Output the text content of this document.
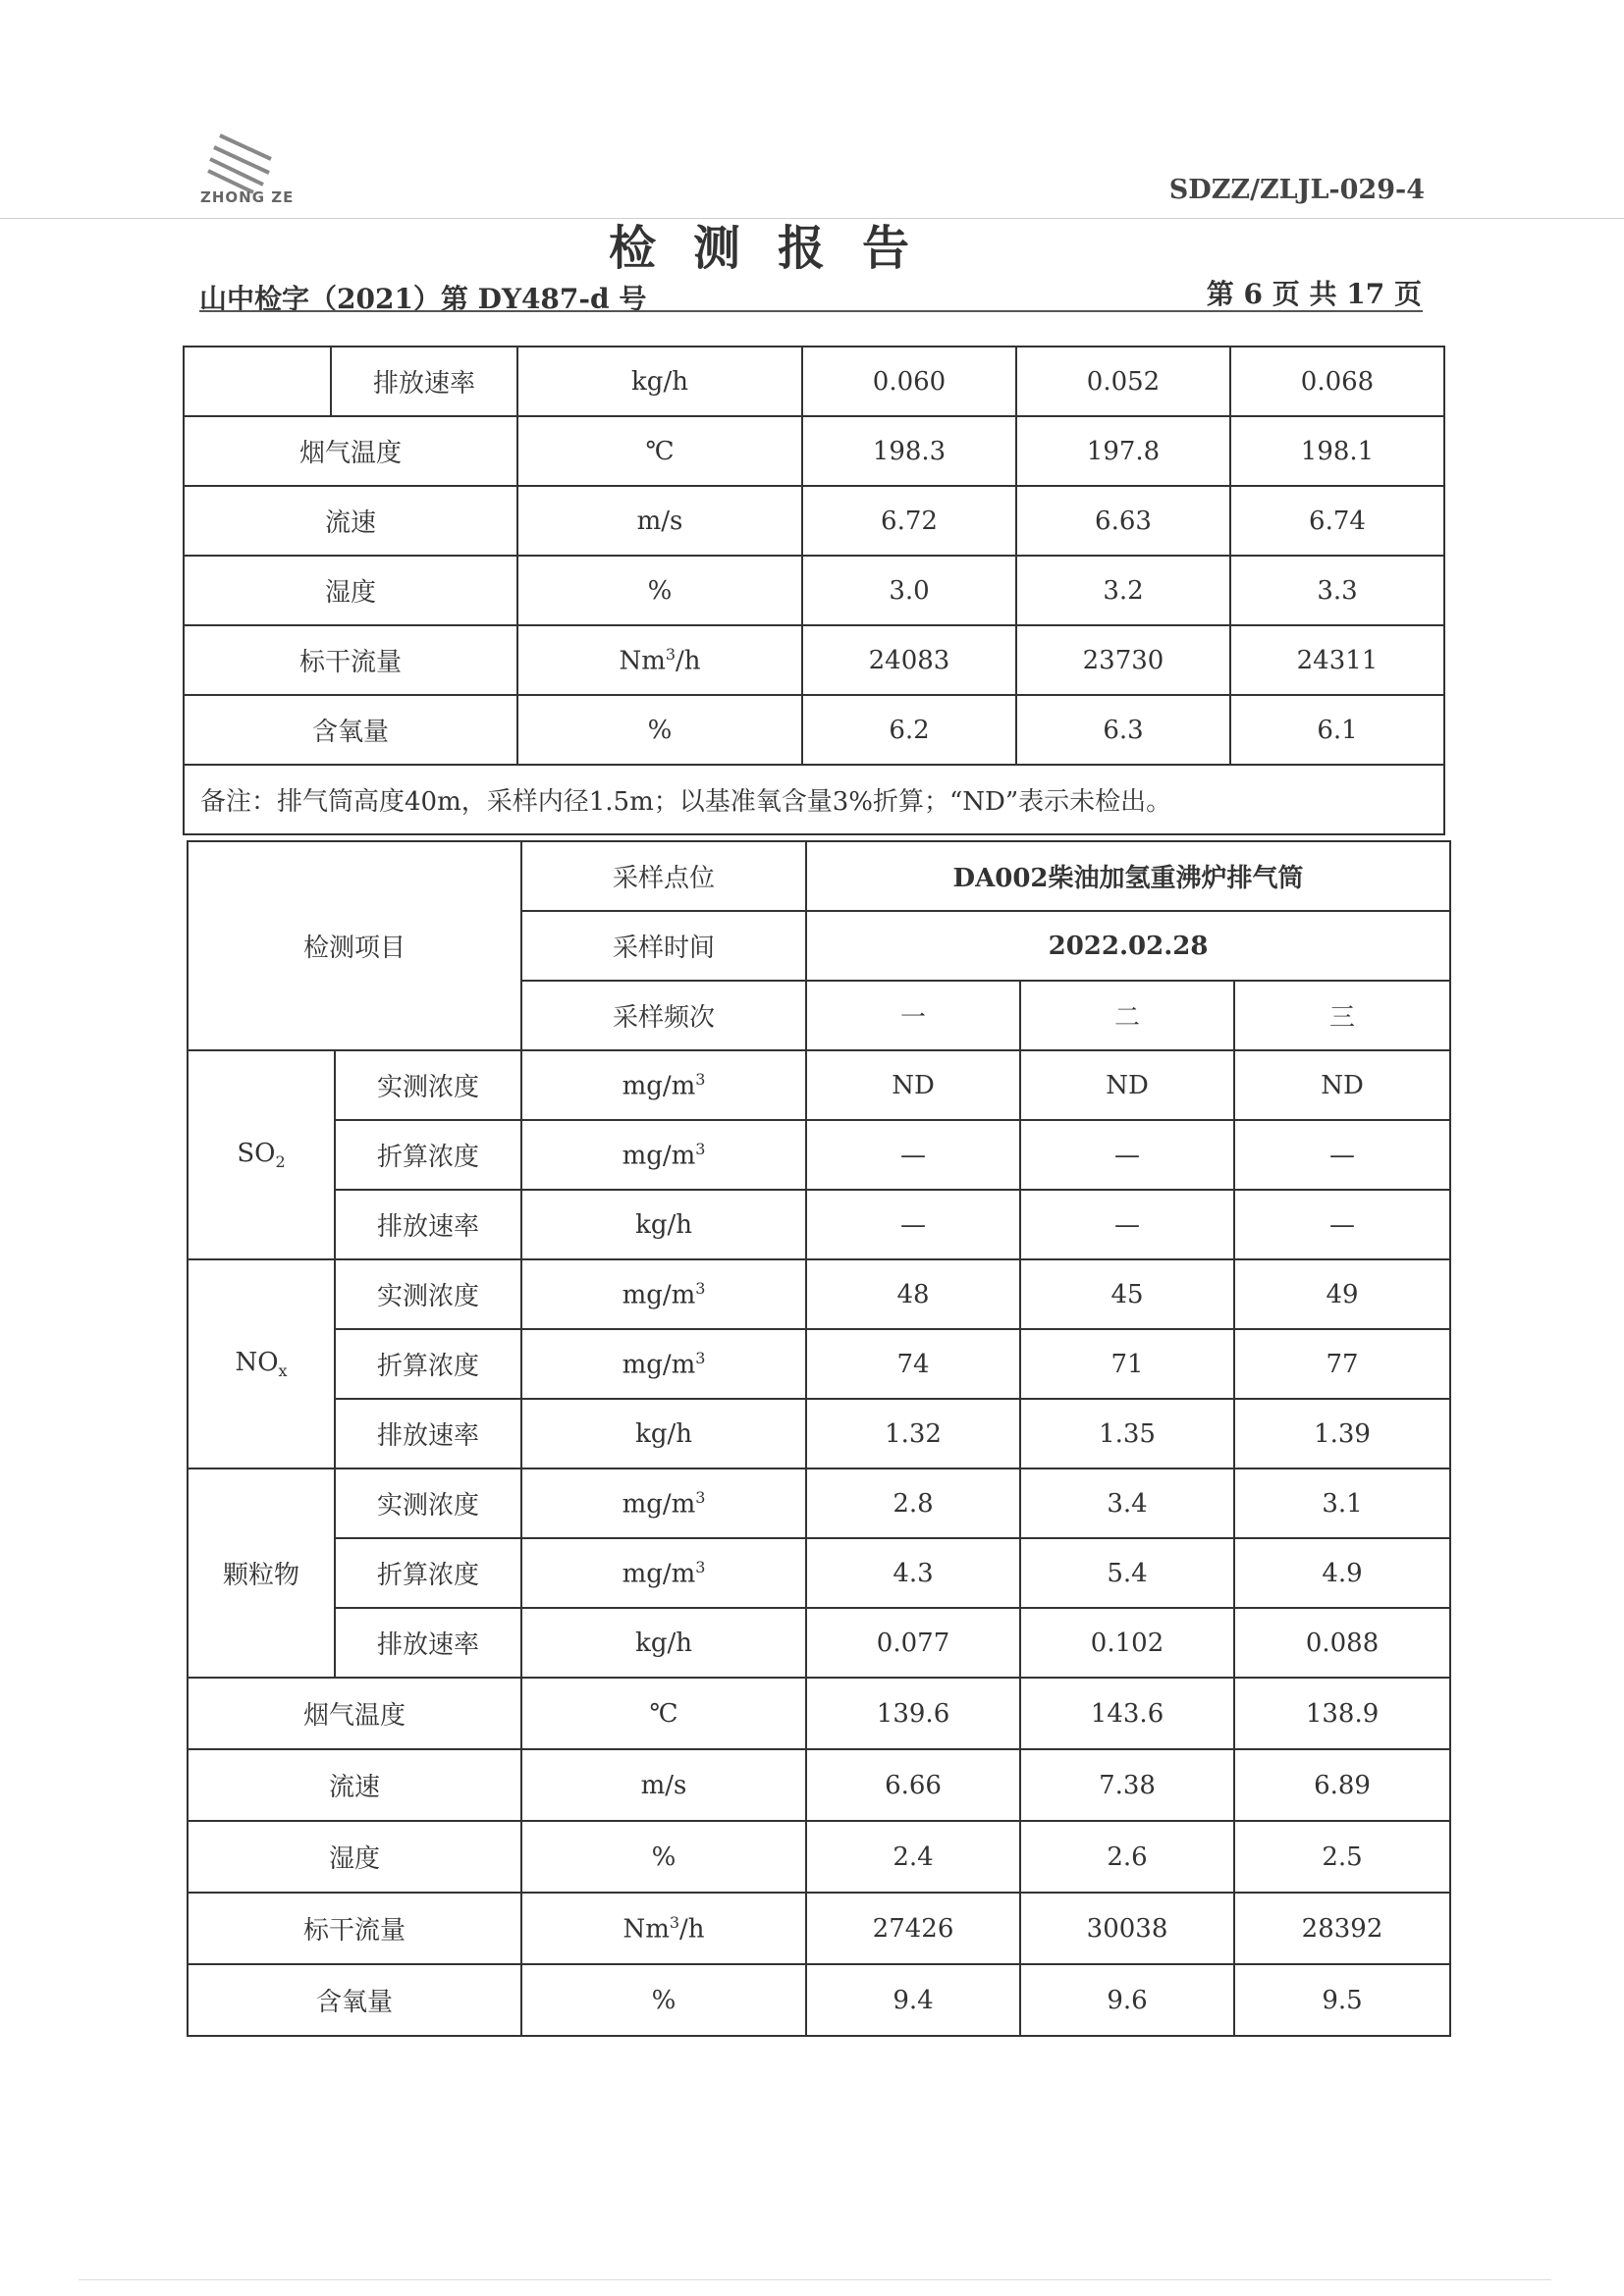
ZHONG ZE	SDZZ/ZLJL-029-4
检测报告
山中检字（2021）第 DY487-d 号	第 6 页 共 17 页
	排放速率	kg/h	0.060	0.052	0.068
烟气温度		℃	198.3	197.8	198.1
流速		m/s	6.72	6.63	6.74
湿度		%	3.0	3.2	3.3
标干流量		Nm$^3$/h	24083	23730	24311
含氧量		%	6.2	6.3	6.1
备注：排气筒高度40m，采样内径1.5m；以基准氧含量3%折算；“ND”表示未检出。					
检测项目		采样点位	DA002柴油加氢重沸炉排气筒		
		采样时间	2022.02.28		
		采样频次	一	二	三
$SO_2$	实测浓度	$mg/m^3$	ND	ND	ND
	折算浓度	$mg/m^3$	—	—	—
	排放速率	kg/h	—	—	—
$NO_x$	实测浓度	$mg/m^3$	48	45	49
	折算浓度	$mg/m^3$	74	71	77
	排放速率	kg/h	1.32	1.35	1.39
颗粒物	实测浓度	$mg/m^3$	2.8	3.4	3.1
	折算浓度	$mg/m^3$	4.3	5.4	4.9
	排放速率	kg/h	0.077	0.102	0.088
烟气温度		℃	139.6	143.6	138.9
流速		m/s	6.66	7.38	6.89
湿度		%	2.4	2.6	2.5
标干流量		Nm$^3$/h	27426	30038	28392
含氧量		%	9.4	9.6	9.5
